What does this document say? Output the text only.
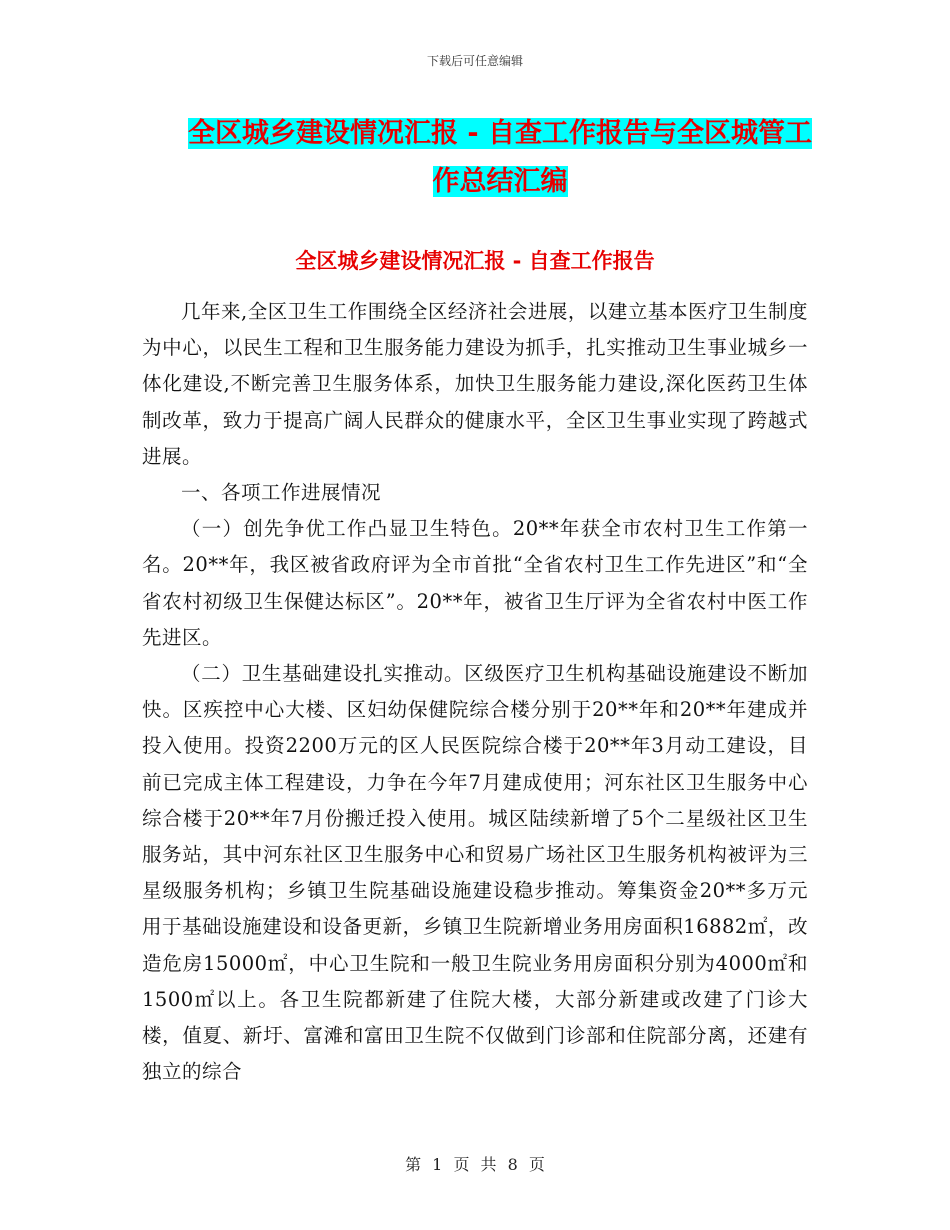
下载后可任意编辑
全区城乡建设情况汇报 - 自查工作报告与全区城管工
作总结汇编
全区城乡建设情况汇报 - 自查工作报告

几年来,全区卫生工作围绕全区经济社会进展，以建立基本医疗卫生制度为中心，以民生工程和卫生服务能力建设为抓手，扎实推动卫生事业城乡一体化建设,不断完善卫生服务体系，加快卫生服务能力建设,深化医药卫生体制改革，致力于提高广阔人民群众的健康水平，全区卫生事业实现了跨越式进展。

一、各项工作进展情况

（一）创先争优工作凸显卫生特色。20**年获全市农村卫生工作第一名。20**年，我区被省政府评为全市首批“全省农村卫生工作先进区”和“全省农村初级卫生保健达标区”。20**年，被省卫生厅评为全省农村中医工作先进区。

（二）卫生基础建设扎实推动。区级医疗卫生机构基础设施建设不断加快。区疾控中心大楼、区妇幼保健院综合楼分别于20**年和20**年建成并投入使用。投资2200万元的区人民医院综合楼于20**年3月动工建设，目前已完成主体工程建设，力争在今年7月建成使用；河东社区卫生服务中心综合楼于20**年7月份搬迁投入使用。城区陆续新增了5个二星级社区卫生服务站，其中河东社区卫生服务中心和贸易广场社区卫生服务机构被评为三星级服务机构；乡镇卫生院基础设施建设稳步推动。筹集资金20**多万元用于基础设施建设和设备更新，乡镇卫生院新增业务用房面积16882㎡，改造危房15000㎡，中心卫生院和一般卫生院业务用房面积分别为4000㎡和1500㎡以上。各卫生院都新建了住院大楼，大部分新建或改建了门诊大楼，值夏、新圩、富滩和富田卫生院不仅做到门诊部和住院部分离，还建有独立的综合

第 1 页 共 8 页
